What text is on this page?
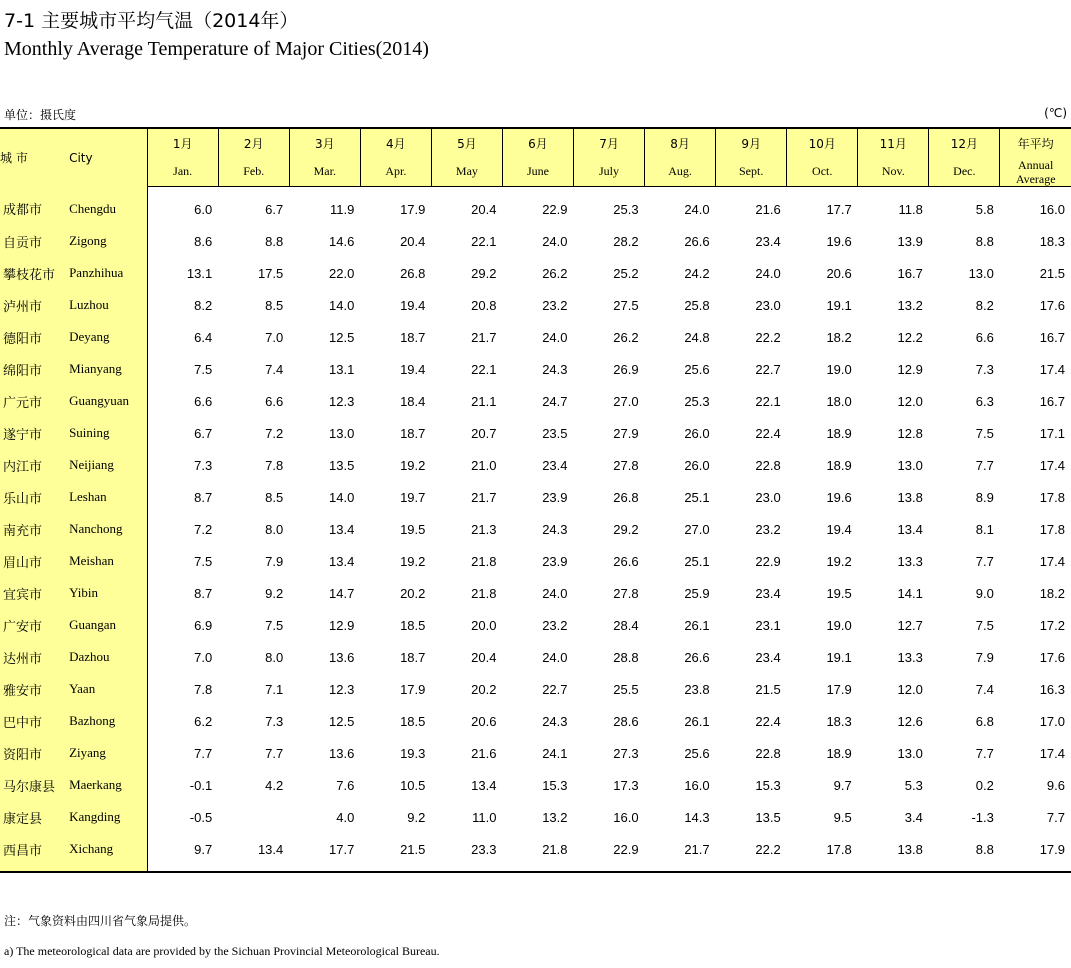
7-1 主要城市平均气温（2014年）
Monthly Average Temperature of Major Cities(2014)
单位：摄氏度	(℃)
城 市	City	1月	2月	3月	4月	5月	6月	7月	8月	9月	10月	11月	12月	年平均
		Jan.	Feb.	Mar.	Apr.	May	June	July	Aug.	Sept.	Oct.	Nov.	Dec.	Annual
Average

成都市	Chengdu	6.0	6.7	11.9	17.9	20.4	22.9	25.3	24.0	21.6	17.7	11.8	5.8	16.0
自贡市	Zigong	8.6	8.8	14.6	20.4	22.1	24.0	28.2	26.6	23.4	19.6	13.9	8.8	18.3
攀枝花市	Panzhihua	13.1	17.5	22.0	26.8	29.2	26.2	25.2	24.2	24.0	20.6	16.7	13.0	21.5
泸州市	Luzhou	8.2	8.5	14.0	19.4	20.8	23.2	27.5	25.8	23.0	19.1	13.2	8.2	17.6
德阳市	Deyang	6.4	7.0	12.5	18.7	21.7	24.0	26.2	24.8	22.2	18.2	12.2	6.6	16.7
绵阳市	Mianyang	7.5	7.4	13.1	19.4	22.1	24.3	26.9	25.6	22.7	19.0	12.9	7.3	17.4
广元市	Guangyuan	6.6	6.6	12.3	18.4	21.1	24.7	27.0	25.3	22.1	18.0	12.0	6.3	16.7
遂宁市	Suining	6.7	7.2	13.0	18.7	20.7	23.5	27.9	26.0	22.4	18.9	12.8	7.5	17.1
内江市	Neijiang	7.3	7.8	13.5	19.2	21.0	23.4	27.8	26.0	22.8	18.9	13.0	7.7	17.4
乐山市	Leshan	8.7	8.5	14.0	19.7	21.7	23.9	26.8	25.1	23.0	19.6	13.8	8.9	17.8
南充市	Nanchong	7.2	8.0	13.4	19.5	21.3	24.3	29.2	27.0	23.2	19.4	13.4	8.1	17.8
眉山市	Meishan	7.5	7.9	13.4	19.2	21.8	23.9	26.6	25.1	22.9	19.2	13.3	7.7	17.4
宜宾市	Yibin	8.7	9.2	14.7	20.2	21.8	24.0	27.8	25.9	23.4	19.5	14.1	9.0	18.2
广安市	Guangan	6.9	7.5	12.9	18.5	20.0	23.2	28.4	26.1	23.1	19.0	12.7	7.5	17.2
达州市	Dazhou	7.0	8.0	13.6	18.7	20.4	24.0	28.8	26.6	23.4	19.1	13.3	7.9	17.6
雅安市	Yaan	7.8	7.1	12.3	17.9	20.2	22.7	25.5	23.8	21.5	17.9	12.0	7.4	16.3
巴中市	Bazhong	6.2	7.3	12.5	18.5	20.6	24.3	28.6	26.1	22.4	18.3	12.6	6.8	17.0
资阳市	Ziyang	7.7	7.7	13.6	19.3	21.6	24.1	27.3	25.6	22.8	18.9	13.0	7.7	17.4
马尔康县	Maerkang	-0.1	4.2	7.6	10.5	13.4	15.3	17.3	16.0	15.3	9.7	5.3	0.2	9.6
康定县	Kangding	-0.5		4.0	9.2	11.0	13.2	16.0	14.3	13.5	9.5	3.4	-1.3	7.7
西昌市	Xichang	9.7	13.4	17.7	21.5	23.3	21.8	22.9	21.7	22.2	17.8	13.8	8.8	17.9
注：气象资料由四川省气象局提供。
a) The meteorological data are provided by the Sichuan Provincial Meteorological Bureau.
